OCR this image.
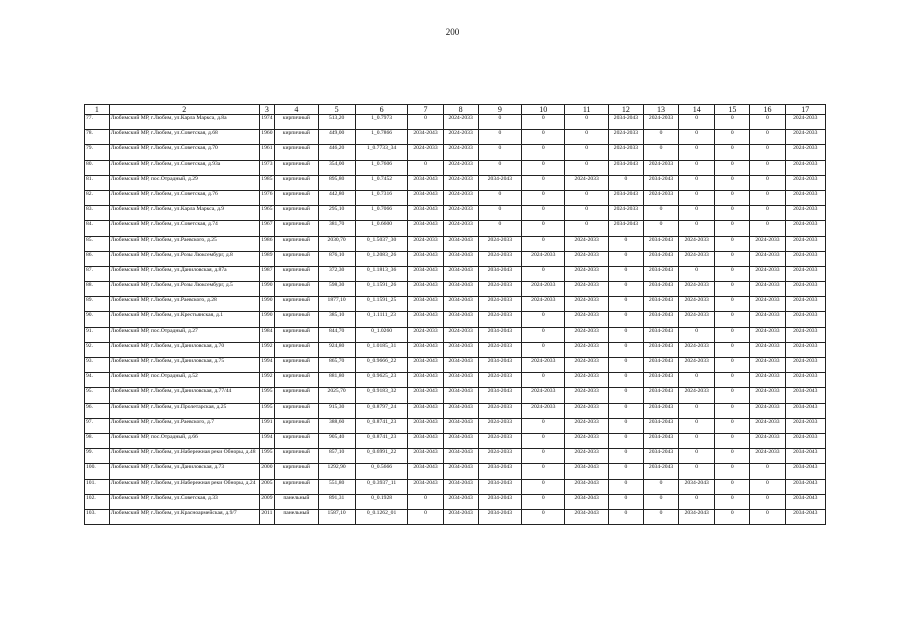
200
1	2	3	4	5	6	7	8	9	10	11	12	13	14	15	16	17
77.	Любимский МР, г.Любим, ул.Карла Маркса, д.8а	1974	кирпичный	513,20	1_0.7973	0	2024-2033	0	0	0	2034-2043	2024-2033	0	0	0	2024-2033
78.	Любимский МР, г.Любим, ул.Советская, д.68	1960	кирпичный	449,00	1_0.7866	2034-2043	2024-2033	0	0	0	2024-2033	0	0	0	0	2024-2033
79.	Любимский МР, г.Любим, ул.Советская, д.70	1961	кирпичный	446,20	1_0.7733_34	2024-2033	2024-2033	0	0	0	2024-2033	0	0	0	0	2024-2033
80.	Любимский МР, г.Любим, ул.Советская, д.93а	1973	кирпичный	354,00	1_0.7606	0	2024-2033	0	0	0	2034-2043	2024-2033	0	0	0	2024-2033
81.	Любимский МР, пос.Отрадный, д.29	1985	кирпичный	895,80	1_0.7452	2034-2043	2024-2033	2034-2043	0	2024-2033	0	2034-2043	0	0	0	2024-2033
82.	Любимский МР, г.Любим, ул.Советская, д.76	1976	кирпичный	442,80	1_0.7316	2034-2043	2024-2033	0	0	0	2034-2043	2024-2033	0	0	0	2024-2033
83.	Любимский МР, г.Любим, ул.Карла Маркса, д.9	1965	кирпичный	295,10	1_0.7066	2034-2043	2024-2033	0	0	0	2024-2033	0	0	0	0	2024-2033
84.	Любимский МР, г.Любим, ул.Советская, д.74	1967	кирпичный	381,70	1_0.6600	2034-2043	2024-2033	0	0	0	2034-2043	0	0	0	0	2024-2033
85.	Любимский МР, г.Любим, ул.Раевского, д.25	1986	кирпичный	2030,70	0_1.5037_30	2024-2033	2034-2043	2024-2033	0	2024-2033	0	2034-2043	2024-2033	0	2024-2033	2024-2033
86.	Любимский МР, г.Любим, ул.Розы Люксембург, д.8	1989	кирпичный	876,10	0_1.2083_26	2034-2043	2034-2043	2024-2033	2024-2033	2024-2033	0	2034-2043	2024-2033	0	2024-2033	2024-2033
87.	Любимский МР, г.Любим, ул.Даниловская, д.87а	1987	кирпичный	372,30	0_1.1813_36	2034-2043	2034-2043	2034-2043	0	2024-2033	0	2034-2043	0	0	2024-2033	2024-2033
88.	Любимский МР, г.Любим, ул.Розы Люксембург, д.5	1990	кирпичный	598,30	0_1.1591_26	2034-2043	2034-2043	2024-2033	2024-2033	2024-2033	0	2034-2043	2024-2033	0	2024-2033	2024-2033
89.	Любимский МР, г.Любим, ул.Раевского, д.28	1990	кирпичный	1877,10	0_1.1591_25	2034-2043	2034-2043	2024-2033	2024-2033	2024-2033	0	2034-2043	2024-2033	0	2024-2033	2024-2033
90.	Любимский МР, г.Любим, ул.Крестьянская, д.1	1990	кирпичный	385,10	0_1.1111_23	2034-2043	2034-2043	2024-2033	0	2024-2033	0	2034-2043	2024-2033	0	2024-2033	2024-2033
91.	Любимский МР, пос.Отрадный, д.27	1984	кирпичный	844,70	0_1.0260	2024-2033	2024-2033	2034-2043	0	2024-2033	0	2034-2043	0	0	2024-2033	2024-2033
92.	Любимский МР, г.Любим, ул.Даниловская, д.70	1992	кирпичный	924,80	0_1.0185_31	2034-2043	2034-2043	2024-2033	0	2024-2033	0	2034-2043	2024-2033	0	2024-2033	2024-2033
93.	Любимский МР, г.Любим, ул.Даниловская, д.75	1994	кирпичный	865,70	0_0.9666_22	2034-2043	2034-2043	2034-2043	2024-2033	2024-2033	0	2034-2043	2024-2033	0	2024-2033	2024-2033
94.	Любимский МР, пос.Отрадный, д.52	1992	кирпичный	881,80	0_0.9625_23	2034-2043	2034-2043	2024-2033	0	2024-2033	0	2034-2043	0	0	2024-2033	2024-2033
95.	Любимский МР, г.Любим, ул.Даниловская, д.77/44	1995	кирпичный	2025,70	0_0.9183_32	2034-2043	2034-2043	2034-2043	2024-2033	2024-2033	0	2034-2043	2024-2033	0	2024-2033	2034-2043
96.	Любимский МР, г.Любим, ул.Пролетарская, д.25	1995	кирпичный	915,30	0_0.8797_24	2034-2043	2034-2043	2024-2033	2024-2033	2024-2033	0	2034-2043	0	0	2024-2033	2034-2043
97.	Любимский МР, г.Любим, ул.Раевского, д.7	1991	кирпичный	388,60	0_0.8741_23	2034-2043	2034-2043	2024-2033	0	2024-2033	0	2034-2043	0	0	2024-2033	2024-2033
98.	Любимский МР, пос.Отрадный, д.66	1994	кирпичный	905,40	0_0.8741_23	2034-2043	2034-2043	2024-2033	0	2024-2033	0	2034-2043	0	0	2024-2033	2024-2033
99.	Любимский МР, г.Любим, ул.Набережная реки Обноры, д.48	1995	кирпичный	857,10	0_0.6991_22	2034-2043	2034-2043	2024-2033	0	2024-2033	0	2034-2043	0	0	2024-2033	2034-2043
100.	Любимский МР, г.Любим, ул.Даниловская, д.73	2000	кирпичный	1292,90	0_0.5666	2034-2043	2034-2043	2034-2043	0	2034-2043	0	2034-2043	0	0	0	2034-2043
101.	Любимский МР, г.Любим, ул.Набережная реки Обноры, д.24	2005	кирпичный	551,80	0_0.3937_11	2034-2043	2034-2043	2034-2043	0	2034-2043	0	0	2034-2043	0	0	2034-2043
102.	Любимский МР, г.Любим, ул.Советская, д.33	2009	панельный	891,31	0_0.1928	0	2034-2043	2034-2043	0	2034-2043	0	0	0	0	0	2034-2043
103.	Любимский МР, г.Любим, ул.Красноармейская, д.9/7	2011	панельный	1587,10	0_0.1262_01	0	2034-2043	2034-2043	0	2034-2043	0	0	2034-2043	0	0	2034-2043
